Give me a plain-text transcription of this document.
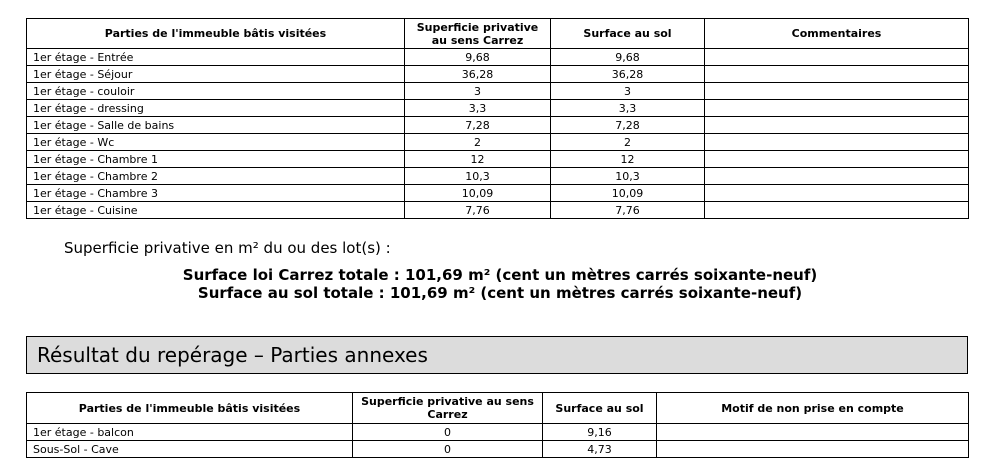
Parties de l'immeuble bâtis visitées	Superficie privative au sens Carrez	Surface au sol	Commentaires
1er étage - Entrée	9,68	9,68	
1er étage - Séjour	36,28	36,28	
1er étage - couloir	3	3	
1er étage - dressing	3,3	3,3	
1er étage - Salle de bains	7,28	7,28	
1er étage - Wc	2	2	
1er étage - Chambre 1	12	12	
1er étage - Chambre 2	10,3	10,3	
1er étage - Chambre 3	10,09	10,09	
1er étage - Cuisine	7,76	7,76	
Superficie privative en m² du ou des lot(s) :
Surface loi Carrez totale : 101,69 m² (cent un mètres carrés soixante-neuf)
Surface au sol totale : 101,69 m² (cent un mètres carrés soixante-neuf)
Résultat du repérage – Parties annexes
Parties de l'immeuble bâtis visitées	Superficie privative au sens Carrez	Surface au sol	Motif de non prise en compte
1er étage - balcon	0	9,16	
Sous-Sol - Cave	0	4,73	
